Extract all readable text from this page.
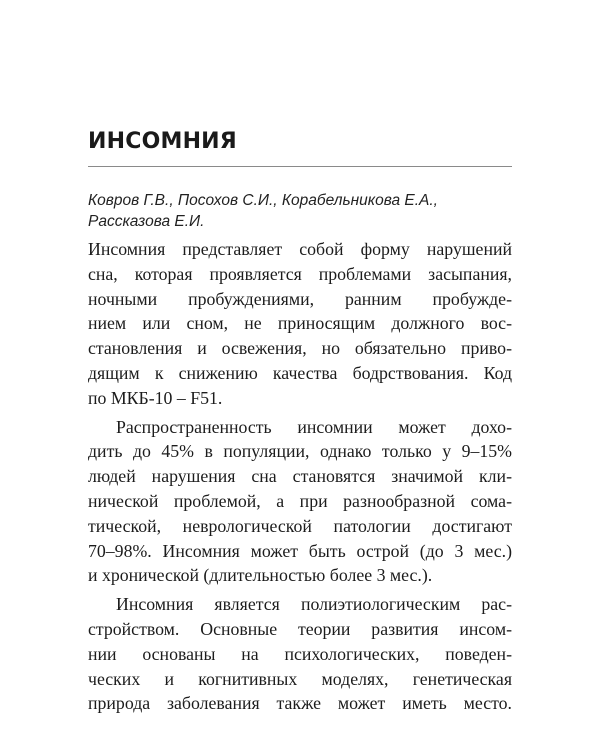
ИНСОМНИЯ
Ковров Г.В., Посохов С.И., Корабельникова Е.А.,
Рассказова Е.И.

Инсомния представляет собой форму нарушений
сна, которая проявляется проблемами засыпания,
ночными пробуждениями, ранним пробужде-
нием или сном, не приносящим должного вос-
становления и освежения, но обязательно приво-
дящим к снижению качества бодрствования. Код
по МКБ-10 – F51.

Распространенность инсомнии может дохо-
дить до 45% в популяции, однако только у 9–15%
людей нарушения сна становятся значимой кли-
нической проблемой, а при разнообразной сома-
тической, неврологической патологии достигают
70–98%. Инсомния может быть острой (до 3 мес.)
и хронической (длительностью более 3 мес.).

Инсомния является полиэтиологическим рас-
стройством. Основные теории развития инсом-
нии основаны на психологических, поведен-
ческих и когнитивных моделях, генетическая
природа заболевания также может иметь место.
